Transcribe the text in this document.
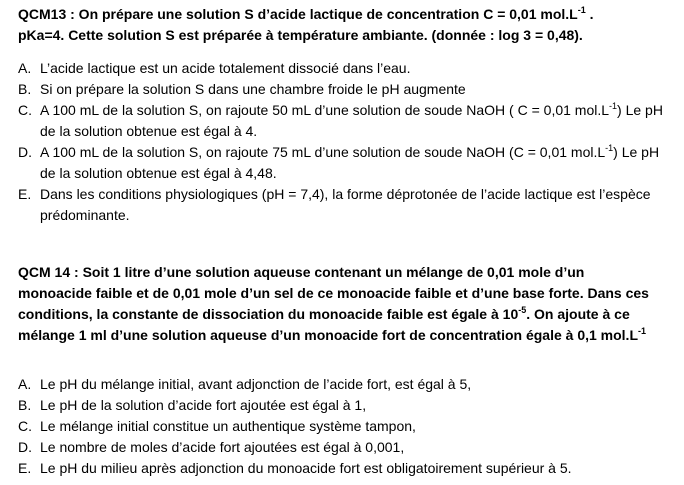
QCM13 : On prépare une solution S d’acide lactique de concentration C = 0,01 $mol.L^{-1}$ .
pKa=4. Cette solution S est préparée à température ambiante. (donnée : log 3 = 0,48).

A. L’acide lactique est un acide totalement dissocié dans l’eau.
B. Si on prépare la solution S dans une chambre froide le pH augmente
C. A 100 mL de la solution S, on rajoute 50 mL d’une solution de soude NaOH ( C = 0,01 $mol.L^{-1}$) Le pH de la solution obtenue est égal à 4.
D. A 100 mL de la solution S, on rajoute 75 mL d’une solution de soude NaOH (C = 0,01 $mol.L^{-1}$) Le pH de la solution obtenue est égal à 4,48.
E. Dans les conditions physiologiques (pH = 7,4), la forme déprotonée de l’acide lactique est l’espèce prédominante.

QCM 14 : Soit 1 litre d’une solution aqueuse contenant un mélange de 0,01 mole d’un monoacide faible et de 0,01 mole d’un sel de ce monoacide faible et d’une base forte. Dans ces conditions, la constante de dissociation du monoacide faible est égale à $10^{-5}$. On ajoute à ce mélange 1 ml d’une solution aqueuse d’un monoacide fort de concentration égale à 0,1 $mol.L^{-1}$

A. Le pH du mélange initial, avant adjonction de l’acide fort, est égal à 5,
B. Le pH de la solution d’acide fort ajoutée est égal à 1,
C. Le mélange initial constitue un authentique système tampon,
D. Le nombre de moles d’acide fort ajoutées est égal à 0,001,
E. Le pH du milieu après adjonction du monoacide fort est obligatoirement supérieur à 5.
